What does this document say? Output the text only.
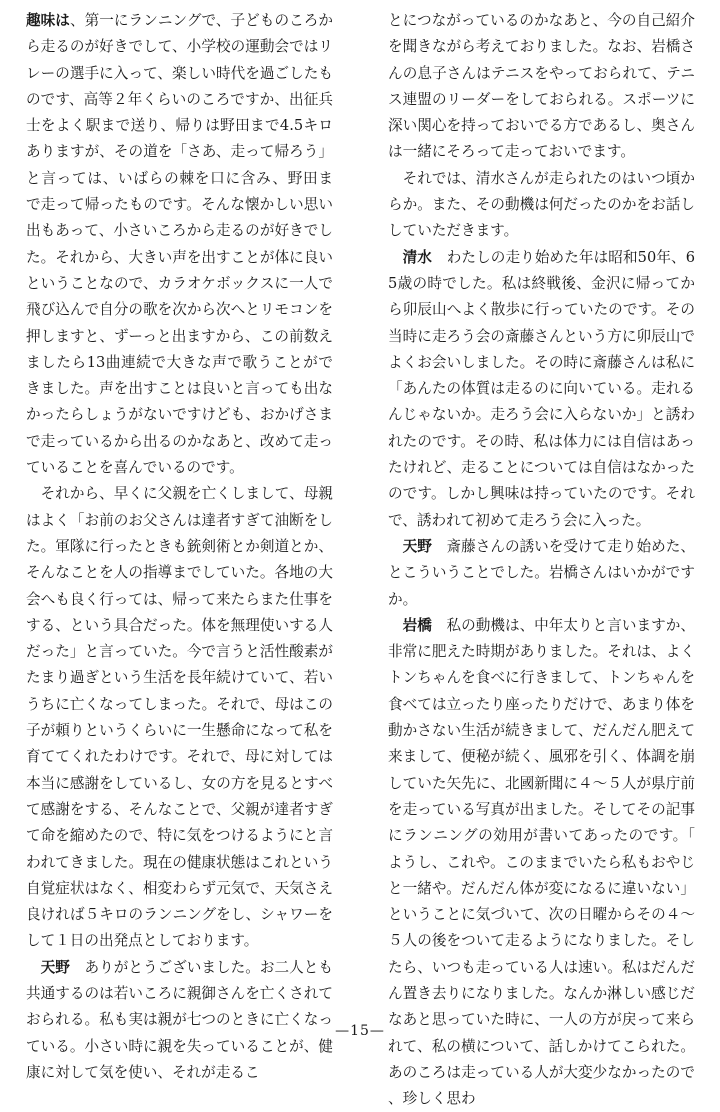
趣味は、第一にランニングで、子どものころから走るのが好きでして、小学校の運動会ではリレーの選手に入って、楽しい時代を過ごしたものです、高等２年くらいのころですか、出征兵士をよく駅まで送り、帰りは野田まで4.5キロありますが、その道を「さあ、走って帰ろう」と言っては、いばらの棘を口に含み、野田まで走って帰ったものです。そんな懐かしい思い出もあって、小さいころから走るのが好きでした。それから、大きい声を出すことが体に良いということなので、カラオケボックスに一人で飛び込んで自分の歌を次から次へとリモコンを押しますと、ずーっと出ますから、この前数えましたら13曲連続で大きな声で歌うことができました。声を出すことは良いと言っても出なかったらしょうがないですけども、おかげさまで走っているから出るのかなあと、改めて走っていることを喜んでいるのです。

それから、早くに父親を亡くしまして、母親はよく「お前のお父さんは達者すぎて油断をした。軍隊に行ったときも銃剣術とか剣道とか、そんなことを人の指導までしていた。各地の大会へも良く行っては、帰って来たらまた仕事をする、という具合だった。体を無理使いする人だった」と言っていた。今で言うと活性酸素がたまり過ぎという生活を長年続けていて、若いうちに亡くなってしまった。それで、母はこの子が頼りというくらいに一生懸命になって私を育ててくれたわけです。それで、母に対しては本当に感謝をしているし、女の方を見るとすべて感謝をする、そんなことで、父親が達者すぎて命を縮めたので、特に気をつけるようにと言われてきました。現在の健康状態はこれという自覚症状はなく、相変わらず元気で、天気さえ良ければ５キロのランニングをし、シャワーをして１日の出発点としております。

天野　 ありがとうございました。お二人とも共通するのは若いころに親御さんを亡くされておられる。私も実は親が七つのときに亡くなっている。小さい時に親を失っていることが、健康に対して気を使い、それが走るこ

とにつながっているのかなあと、今の自己紹介を聞きながら考えておりました。なお、岩橋さんの息子さんはテニスをやっておられて、テニス連盟のリーダーをしておられる。スポーツに深い関心を持っておいでる方であるし、奥さんは一緒にそろって走っておいでます。

それでは、清水さんが走られたのはいつ頃からか。また、その動機は何だったのかをお話ししていただきます。

清水　 わたしの走り始めた年は昭和50年、65歳の時でした。私は終戦後、金沢に帰ってから卯辰山へよく散歩に行っていたのです。その当時に走ろう会の斎藤さんという方に卯辰山でよくお会いしました。その時に斎藤さんは私に「あんたの体質は走るのに向いている。走れるんじゃないか。走ろう会に入らないか」と誘われたのです。その時、私は体力には自信はあったけれど、走ることについては自信はなかったのです。しかし興味は持っていたのです。それで、誘われて初めて走ろう会に入った。

天野　 斎藤さんの誘いを受けて走り始めた、とこういうことでした。岩橋さんはいかがですか。

岩橋　 私の動機は、中年太りと言いますか、非常に肥えた時期がありました。それは、よくトンちゃんを食べに行きまして、トンちゃんを食べては立ったり座ったりだけで、あまり体を動かさない生活が続きまして、だんだん肥えて来まして、便秘が続く、風邪を引く、体調を崩していた矢先に、北國新聞に４～５人が県庁前を走っている写真が出ました。そしてその記事にランニングの効用が書いてあったのです。「ようし、これや。このままでいたら私もおやじと一緒や。だんだん体が変になるに違いない」ということに気づいて、次の日曜からその４～５人の後をついて走るようになりました。そしたら、いつも走っている人は速い。私はだんだん置き去りになりました。なんか淋しい感じだなあと思っていた時に、一人の方が戻って来られて、私の横について、話しかけてこられた。あのころは走っている人が大変少なかったので、珍しく思わ

—15—
